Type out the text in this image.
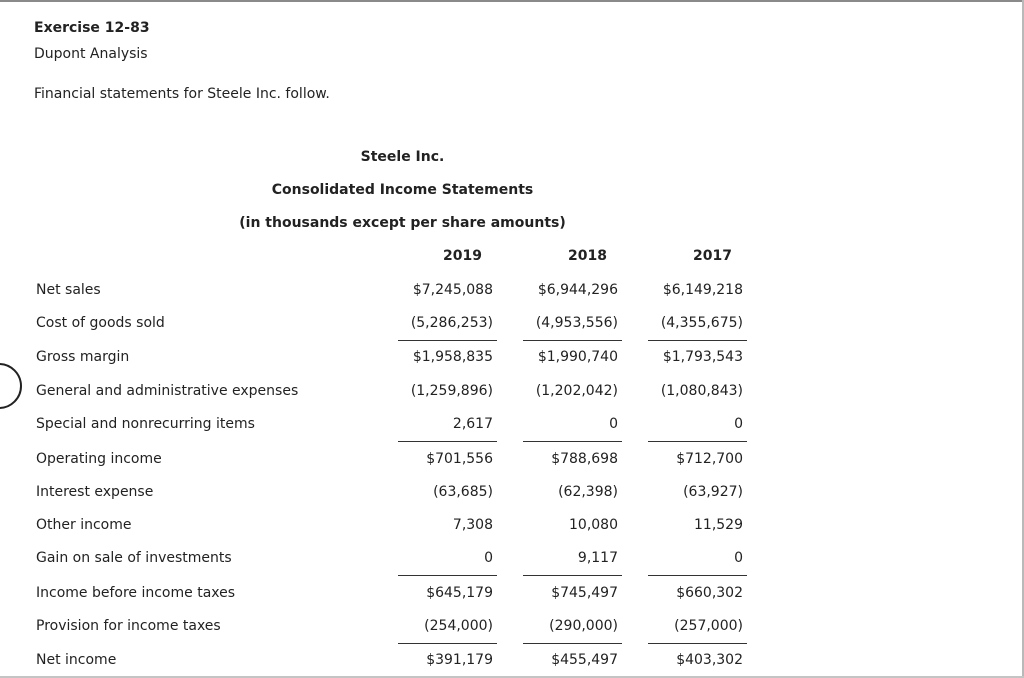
Exercise 12-83
Dupont Analysis
Financial statements for Steele Inc. follow.
Steele Inc.
Consolidated Income Statements
(in thousands except per share amounts)
2019	2018	2017
Net sales	$7,245,088	$6,944,296	$6,149,218
Cost of goods sold	(5,286,253)	(4,953,556)	(4,355,675)
Gross margin	$1,958,835	$1,990,740	$1,793,543
General and administrative expenses	(1,259,896)	(1,202,042)	(1,080,843)
Special and nonrecurring items	2,617	0	0
Operating income	$701,556	$788,698	$712,700
Interest expense	(63,685)	(62,398)	(63,927)
Other income	7,308	10,080	11,529
Gain on sale of investments	0	9,117	0
Income before income taxes	$645,179	$745,497	$660,302
Provision for income taxes	(254,000)	(290,000)	(257,000)
Net income	$391,179	$455,497	$403,302
